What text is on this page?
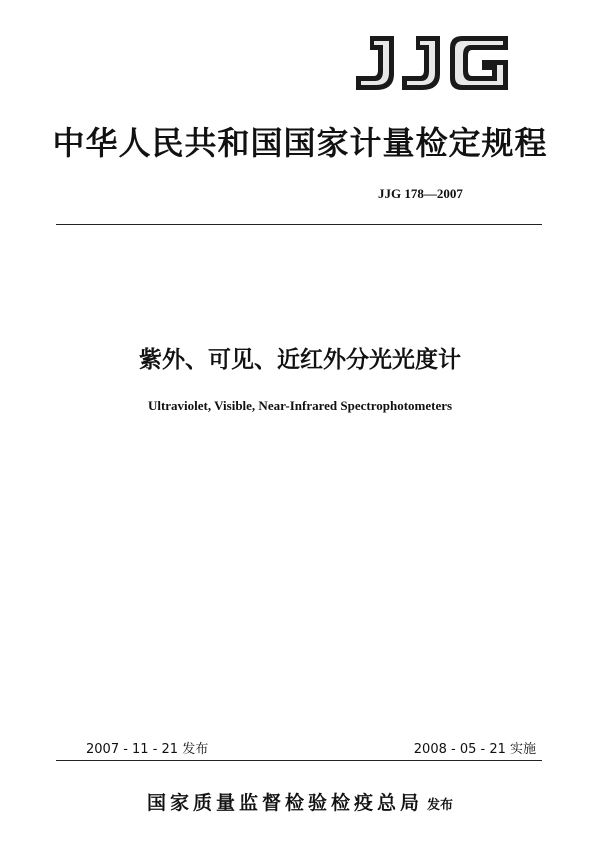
中华人民共和国国家计量检定规程
JJG 178—2007
紫外、可见、近红外分光光度计
Ultraviolet, Visible, Near-Infrared Spectrophotometers
2007 - 11 - 21 发布	2008 - 05 - 21 实施
国家质量监督检验检疫总局 发布
